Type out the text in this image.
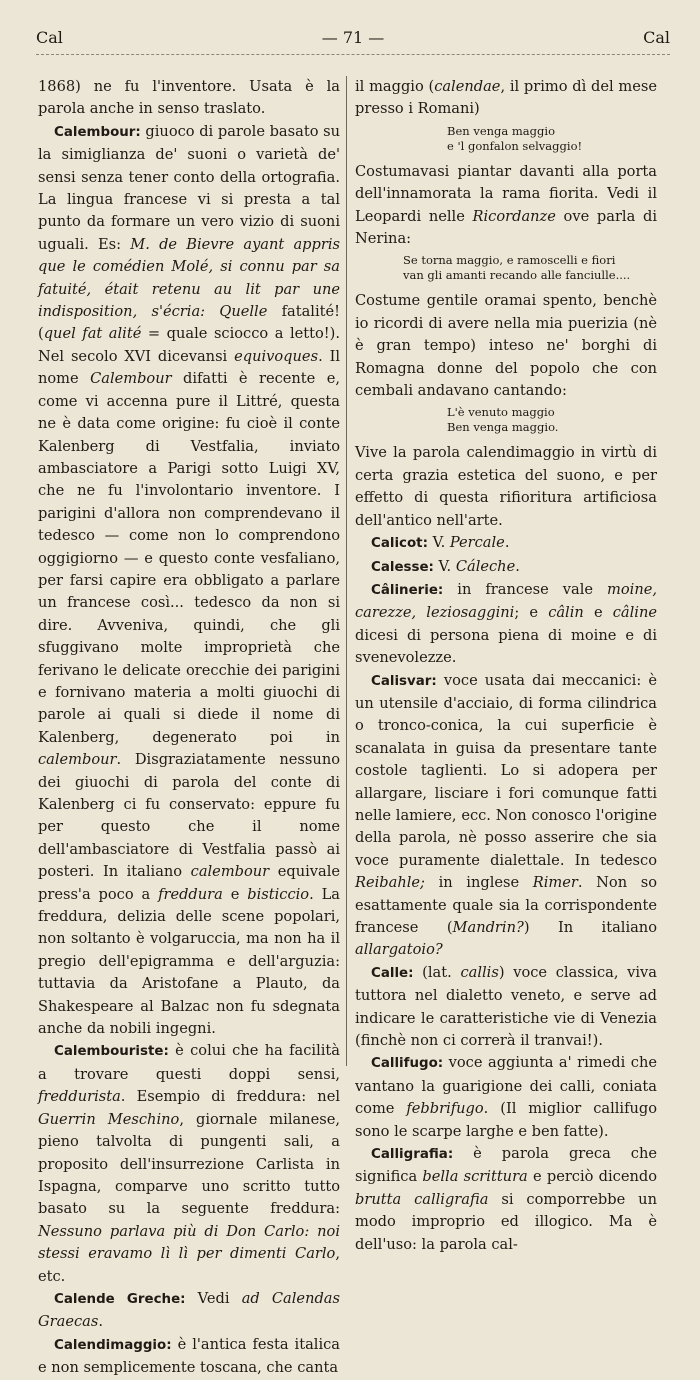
Cal	— 71 —	Cal

1868) ne fu l'inventore. Usata è la parola anche in senso traslato.

Calembour: giuoco di parole basato su la simiglianza de' suoni o varietà de' sensi senza tener conto della ortografia. La lingua francese vi si presta a tal punto da formare un vero vizio di suoni uguali. Es: M. de Bievre ayant appris que le comédien Molé, si connu par sa fatuité, était retenu au lit par une indisposition, s'écria: Quelle fatalité! (quel fat alité = quale sciocco a letto!). Nel secolo XVI dicevansi equivoques. Il nome Calembour difatti è recente e, come vi accenna pure il Littré, questa ne è data come origine: fu cioè il conte Kalenberg di Vestfalia, inviato ambasciatore a Parigi sotto Luigi XV, che ne fu l'involontario inventore. I parigini d'allora non comprendevano il tedesco — come non lo comprendono oggigiorno — e questo conte vesfaliano, per farsi capire era obbligato a parlare un francese così... tedesco da non si dire. Avveniva, quindi, che gli sfuggivano molte improprietà che ferivano le delicate orecchie dei parigini e fornivano materia a molti giuochi di parole ai quali si diede il nome di Kalenberg, degenerato poi in calembour. Disgraziatamente nessuno dei giuochi di parola del conte di Kalenberg ci fu conservato: eppure fu per questo che il nome dell'ambasciatore di Vestfalia passò ai posteri. In italiano calembour equivale press'a poco a freddura e bisticcio. La freddura, delizia delle scene popolari, non soltanto è volgaruccia, ma non ha il pregio dell'epigramma e dell'arguzia: tuttavia da Aristofane a Plauto, da Shakespeare al Balzac non fu sdegnata anche da nobili ingegni.

Calembouriste: è colui che ha facilità a trovare questi doppi sensi, freddurista. Esempio di freddura: nel Guerrin Meschino, giornale milanese, pieno talvolta di pungenti sali, a proposito dell'insurrezione Carlista in Ispagna, comparve uno scritto tutto basato su la seguente freddura: Nessuno parlava più di Don Carlo: noi stessi eravamo lì lì per dimenti Carlo, etc.

Calende Greche: Vedi ad Calendas Graecas.

Calendimaggio: è l'antica festa italica e non semplicemente toscana, che canta

il maggio (calendae, il primo dì del mese presso i Romani)

Ben venga maggio
e 'l gonfalon selvaggio!

Costumavasi piantar davanti alla porta dell'innamorata la rama fiorita. Vedi il Leopardi nelle Ricordanze ove parla di Nerina:

Se torna maggio, e ramoscelli e fiori
van gli amanti recando alle fanciulle....

Costume gentile oramai spento, benchè io ricordi di avere nella mia puerizia (nè è gran tempo) inteso ne' borghi di Romagna donne del popolo che con cembali andavano cantando:

L'è venuto maggio
Ben venga maggio.

Vive la parola calendimaggio in virtù di certa grazia estetica del suono, e per effetto di questa rifioritura artificiosa dell'antico nell'arte.

Calicot: V. Percale.

Calesse: V. Cáleche.

Câlinerie: in francese vale moine, carezze, leziosaggini; e câlin e câline dicesi di persona piena di moine e di svenevolezze.

Calisvar: voce usata dai meccanici: è un utensile d'acciaio, di forma cilindrica o tronco-conica, la cui superficie è scanalata in guisa da presentare tante costole taglienti. Lo si adopera per allargare, lisciare i fori comunque fatti nelle lamiere, ecc. Non conosco l'origine della parola, nè posso asserire che sia voce puramente dialettale. In tedesco Reibahle; in inglese Rimer. Non so esattamente quale sia la corrispondente francese (Mandrin?) In italiano allargatoio?

Calle: (lat. callis) voce classica, viva tuttora nel dialetto veneto, e serve ad indicare le caratteristiche vie di Venezia (finchè non ci correrà il tranvai!).

Callifugo: voce aggiunta a' rimedi che vantano la guarigione dei calli, coniata come febbrifugo. (Il miglior callifugo sono le scarpe larghe e ben fatte).

Calligrafia: è parola greca che significa bella scrittura e perciò dicendo brutta calligrafia si comporrebbe un modo improprio ed illogico. Ma è dell'uso: la parola cal-
